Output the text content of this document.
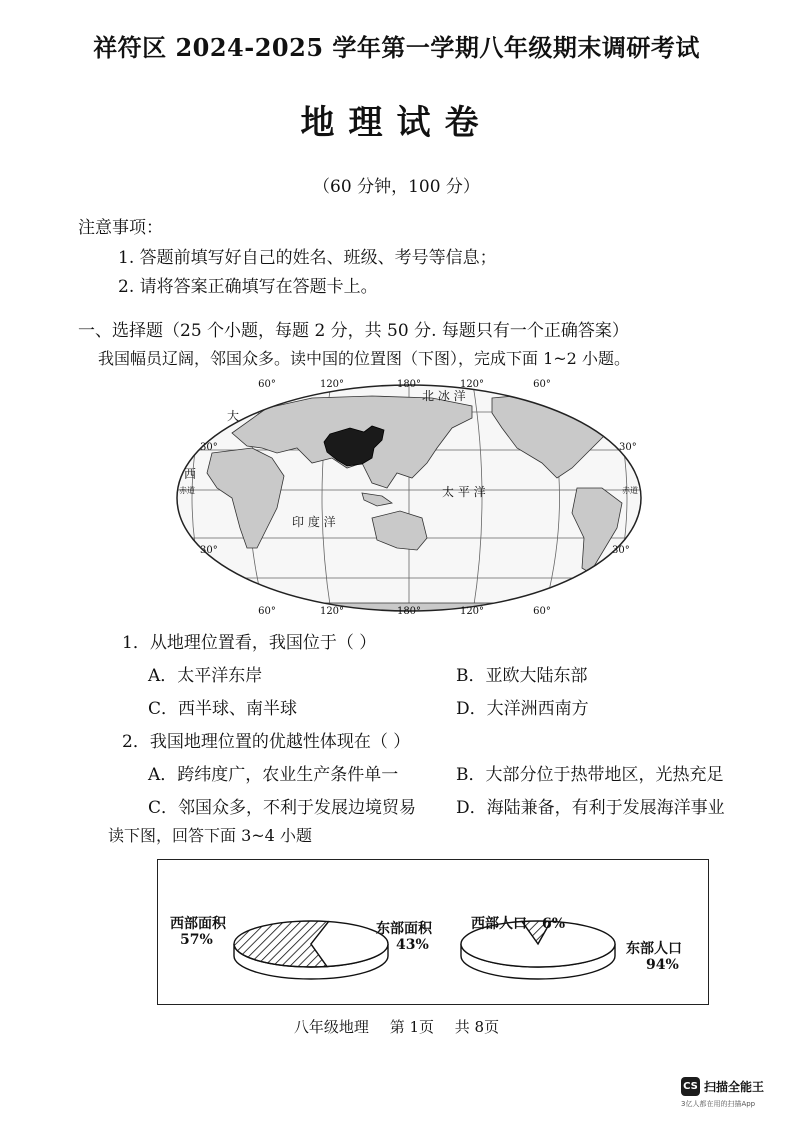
祥符区 2024-2025 学年第一学期八年级期末调研考试
地理试卷
（60 分钟，100 分）
注意事项：
1. 答题前填写好自己的姓名、班级、考号等信息；
2. 请将答案正确填写在答题卡上。
一、选择题（25 个小题，每题 2 分，共 50 分. 每题只有一个正确答案）
我国幅员辽阔，邻国众多。读中国的位置图（下图），完成下面 1~2 小题。
60°	120°	180°	120°	60°
60°	120°	180°	120°	60°
30°
赤道
30°
30°
赤道
30°
北 冰 洋
大
西
太 平 洋
印 度 洋
1．从地理位置看，我国位于（ ）
A．太平洋东岸	B．亚欧大陆东部
C．西半球、南半球	D．大洋洲西南方
2．我国地理位置的优越性体现在（ ）
A．跨纬度广，农业生产条件单一	B．大部分位于热带地区，光热充足
C．邻国众多，不利于发展边境贸易 D．海陆兼备，有利于发展海洋事业
读下图，回答下面 3~4 小题
西部面积
57%
东部面积
43%
西部人口 6%
东部人口
94%
八年级地理 第 1页 共 8页
CS 扫描全能王
3亿人都在用的扫描App
